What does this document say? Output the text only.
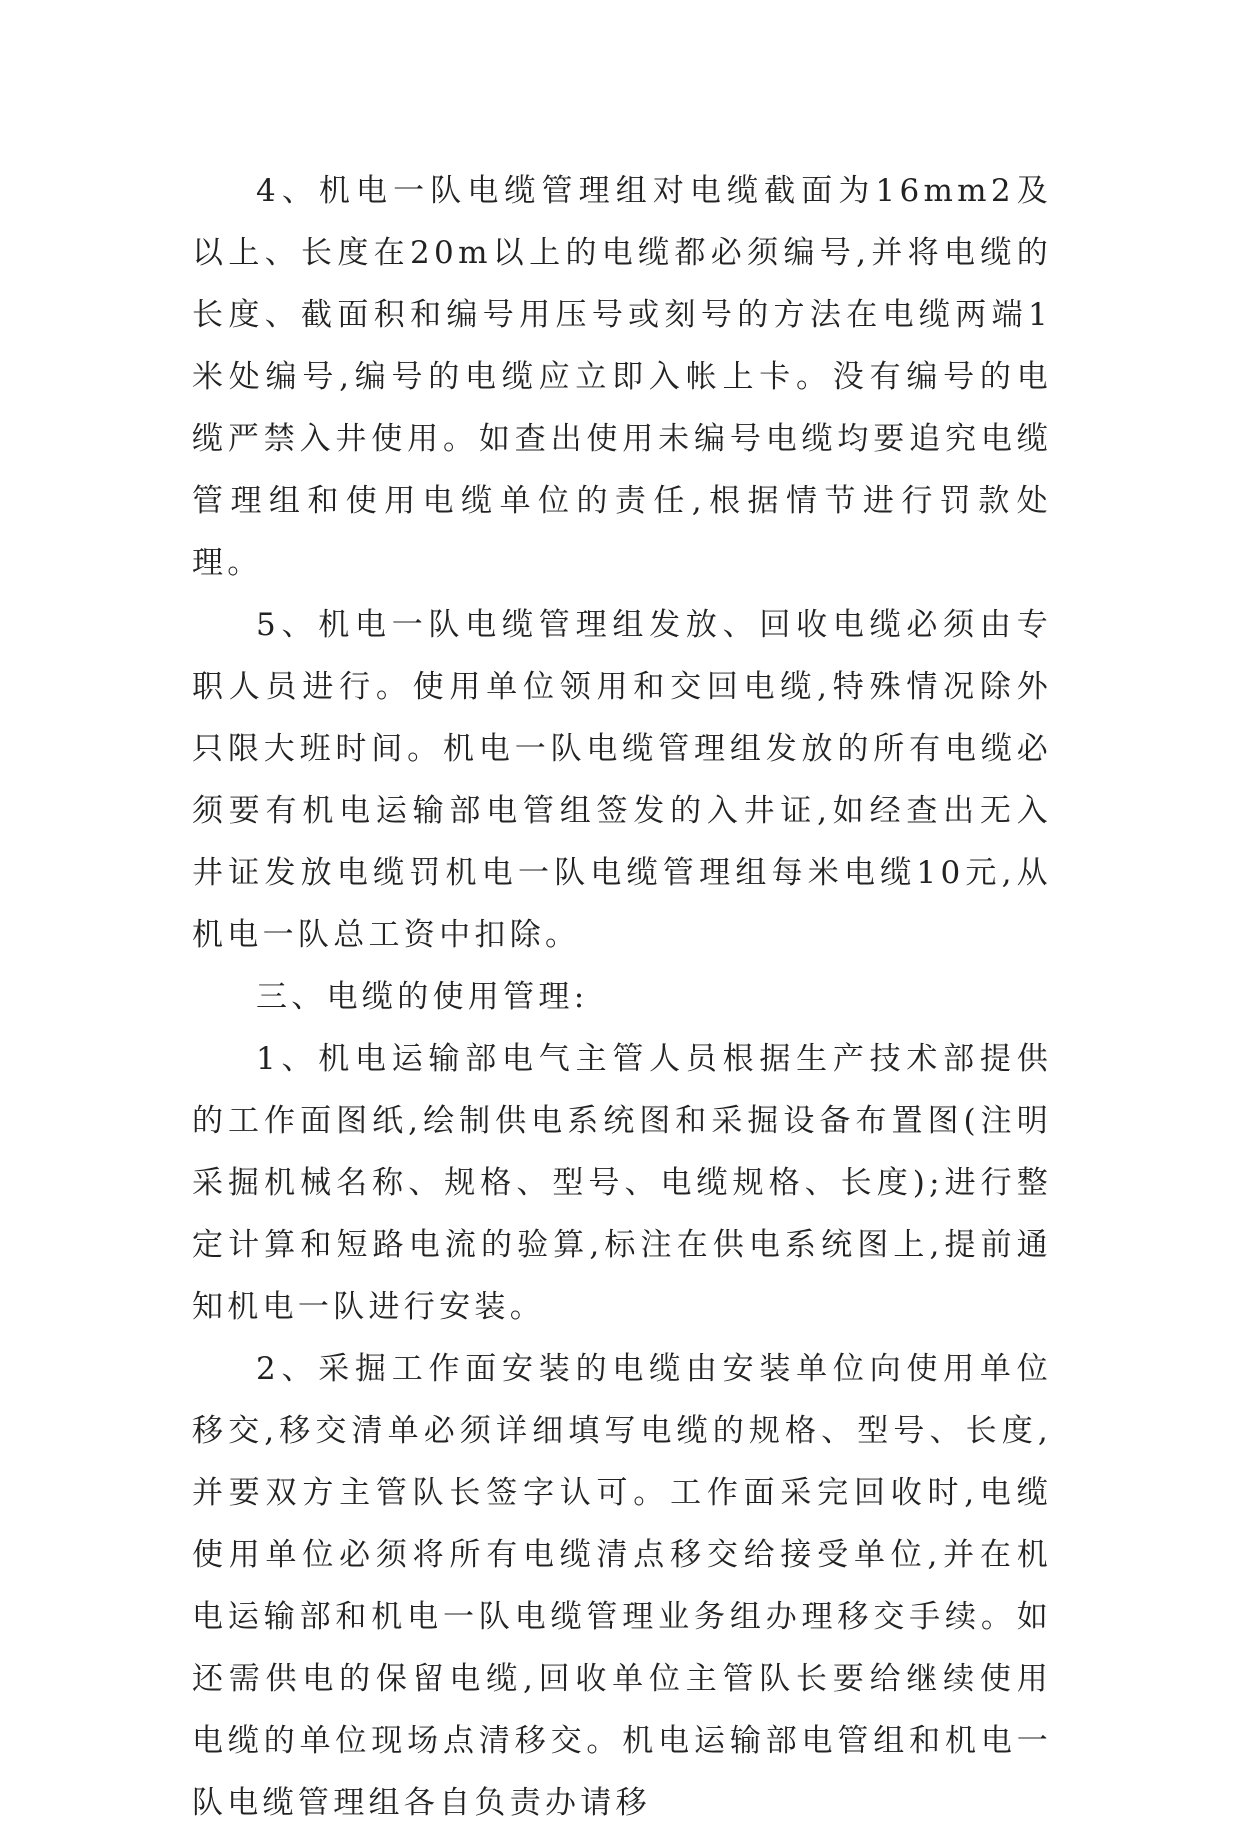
4、机电一队电缆管理组对电缆截面为16mm2及以上、长度在20m以上的电缆都必须编号,并将电缆的长度、截面积和编号用压号或刻号的方法在电缆两端1米处编号,编号的电缆应立即入帐上卡。没有编号的电缆严禁入井使用。如查出使用未编号电缆均要追究电缆管理组和使用电缆单位的责任,根据情节进行罚款处理。

5、机电一队电缆管理组发放、回收电缆必须由专职人员进行。使用单位领用和交回电缆,特殊情况除外只限大班时间。机电一队电缆管理组发放的所有电缆必须要有机电运输部电管组签发的入井证,如经查出无入井证发放电缆罚机电一队电缆管理组每米电缆10元,从机电一队总工资中扣除。

三、电缆的使用管理:

1、机电运输部电气主管人员根据生产技术部提供的工作面图纸,绘制供电系统图和采掘设备布置图(注明采掘机械名称、规格、型号、电缆规格、长度);进行整定计算和短路电流的验算,标注在供电系统图上,提前通知机电一队进行安装。

2、采掘工作面安装的电缆由安装单位向使用单位移交,移交清单必须详细填写电缆的规格、型号、长度,并要双方主管队长签字认可。工作面采完回收时,电缆使用单位必须将所有电缆清点移交给接受单位,并在机电运输部和机电一队电缆管理业务组办理移交手续。如还需供电的保留电缆,回收单位主管队长要给继续使用电缆的单位现场点清移交。机电运输部电管组和机电一队电缆管理组各自负责办请移
